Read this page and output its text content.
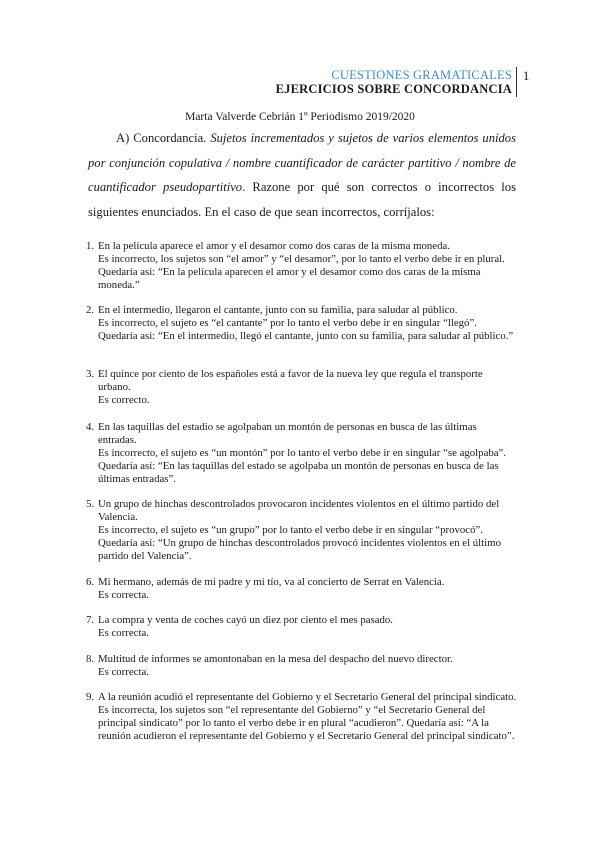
CUESTIONES GRAMATICALES
EJERCICIOS SOBRE CONCORDANCIA
1
Marta Valverde Cebrián 1º Periodismo 2019/2020
A) Concordancia. Sujetos incrementados y sujetos de varios elementos unidos por conjunción copulativa / nombre cuantificador de carácter partitivo / nombre de cuantificador pseudopartitivo. Razone por qué son correctos o incorrectos los siguientes enunciados. En el caso de que sean incorrectos, corríjalos:
1. En la película aparece el amor y el desamor como dos caras de la misma moneda.
Es incorrecto, los sujetos son “el amor” y “el desamor”, por lo tanto el verbo debe ir en plural. Quedaría así: “En la película aparecen el amor y el desamor como dos caras de la misma moneda.”
2. En el intermedio, llegaron el cantante, junto con su familia, para saludar al público.
Es incorrecto, el sujeto es “el cantante” por lo tanto el verbo debe ir en singular “llegó”. Quedaría así: “En el intermedio, llegó el cantante, junto con su familia, para saludar al público.”
3. El quince por ciento de los españoles está a favor de la nueva ley que regula el transporte urbano.
Es correcto.
4. En las taquillas del estadio se agolpaban un montón de personas en busca de las últimas entradas.
Es incorrecto, el sujeto es “un montón” por lo tanto el verbo debe ir en singular “se agolpaba”. Quedaría así: “En las taquillas del estado se agolpaba un montón de personas en busca de las últimas entradas”.
5. Un grupo de hinchas descontrolados provocaron incidentes violentos en el último partido del Valencia.
Es incorrecto, el sujeto es “un grupo” por lo tanto el verbo debe ir en singular “provocó”. Quedaría así: “Un grupo de hinchas descontrolados provocó incidentes violentos en el último partido del Valencia”.
6. Mi hermano, además de mi padre y mi tío, va al concierto de Serrat en Valencia.
Es correcta.
7. La compra y venta de coches cayó un diez por ciento el mes pasado.
Es correcta.
8. Multitud de informes se amontonaban en la mesa del despacho del nuevo director.
Es correcta.
9. A la reunión acudió el representante del Gobierno y el Secretario General del principal sindicato.
Es incorrecta, los sujetos son “el representante del Gobierno” y “el Secretario General del principal sindicato” por lo tanto el verbo debe ir en plural “acudieron”. Quedaría así: “A la reunión acudieron el representante del Gobierno y el Secretario General del principal sindicato”.
